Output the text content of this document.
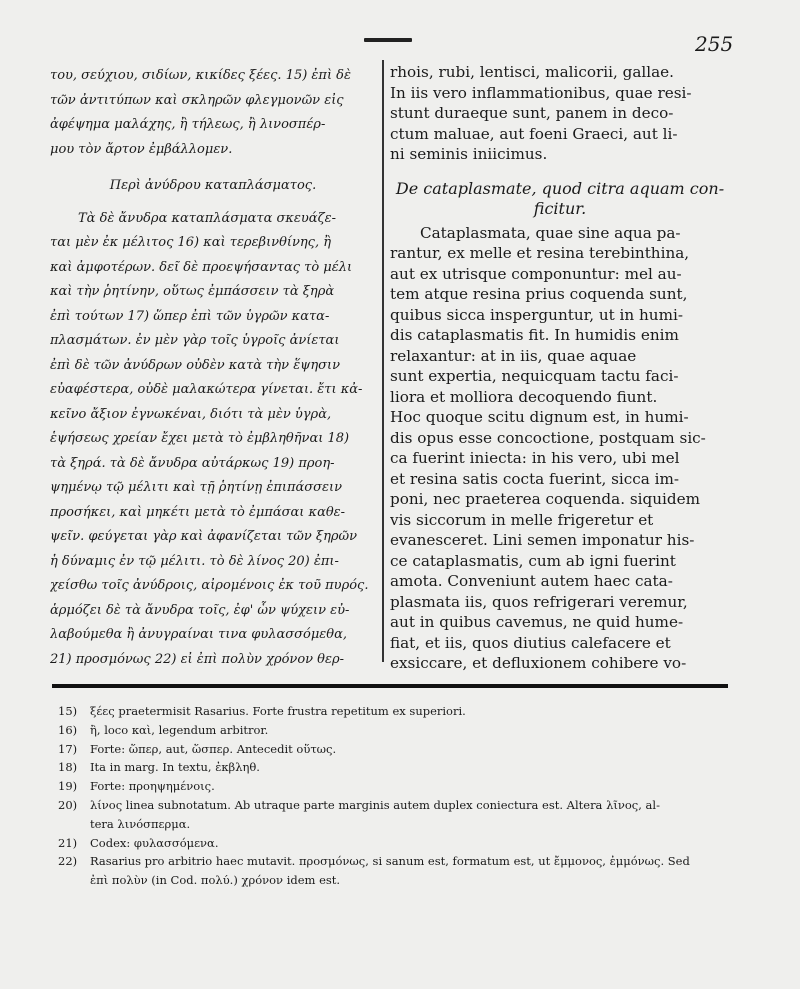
255
του, σεύχιου, σιδίων, κικίδες ξέες. 15) ἐπὶ δὲ
τῶν ἀντιτύπων καὶ σκληρῶν φλεγμονῶν εἰς
ἀφέψημα μαλάχης, ἢ τήλεως, ἢ λινοσπέρ-
μου τὸν ἄρτον ἐμβάλλομεν.
Περὶ ἀνύδρου καταπλάσματος.
Τὰ δὲ ἄνυδρα καταπλάσματα σκευάζε-
ται μὲν ἐκ μέλιτος 16) καὶ τερεβινθίνης, ἢ
καὶ ἀμφοτέρων. δεῖ δὲ προεψήσαντας τὸ μέλι
καὶ τὴν ῥητίνην, οὕτως ἐμπάσσειν τὰ ξηρὰ
ἐπὶ τούτων 17) ὥπερ ἐπὶ τῶν ὑγρῶν κατα-
πλασμάτων. ἐν μὲν γὰρ τοῖς ὑγροῖς ἀνίεται
ἐπὶ δὲ τῶν ἀνύδρων οὐδὲν κατὰ τὴν ἕψησιν
εὐαφέστερα, οὐδὲ μαλακώτερα γίνεται. ἔτι κἀ-
κεῖνο ἄξιον ἐγνωκέναι, διότι τὰ μὲν ὑγρὰ,
ἑψήσεως χρείαν ἔχει μετὰ τὸ ἐμβληθῆναι 18)
τὰ ξηρά. τὰ δὲ ἄνυδρα αὐτάρκως 19) προη-
ψημένῳ τῷ μέλιτι καὶ τῇ ῥητίνῃ ἐπιπάσσειν
προσήκει, καὶ μηκέτι μετὰ τὸ ἐμπάσαι καθε-
ψεῖν. φεύγεται γὰρ καὶ ἀφανίζεται τῶν ξηρῶν
ἡ δύναμις ἐν τῷ μέλιτι. τὸ δὲ λίνος 20) ἐπι-
χείσθω τοῖς ἀνύδροις, αἰρομένοις ἐκ τοῦ πυρός.
ἁρμόζει δὲ τὰ ἄνυδρα τοῖς, ἐφ' ὧν ψύχειν εὐ-
λαβούμεθα ἢ ἀνυγραίναι τινα φυλασσόμεθα,
21) προσμόνως 22) εἰ ἐπὶ πολὺν χρόνον θερ-
rhois, rubi, lentisci, malicorii, gallae.
In iis vero inflammationibus, quae resi-
stunt duraeque sunt, panem in deco-
ctum maluae, aut foeni Graeci, aut li-
ni seminis iniicimus.
De cataplasmate, quod citra aquam con-
ficitur.
Cataplasmata, quae sine aqua pa-
rantur, ex melle et resina terebinthina,
aut ex utrisque componuntur: mel au-
tem atque resina prius coquenda sunt,
quibus sicca insperguntur, ut in humi-
dis cataplasmatis fit. In humidis enim
relaxantur: at in iis, quae aquae
sunt expertia, nequicquam tactu faci-
liora et molliora decoquendo fiunt.
Hoc quoque scitu dignum est, in humi-
dis opus esse concoctione, postquam sic-
ca fuerint iniecta: in his vero, ubi mel
et resina satis cocta fuerint, sicca im-
poni, nec praeterea coquenda. siquidem
vis siccorum in melle frigeretur et
evanesceret. Lini semen imponatur his-
ce cataplasmatis, cum ab igni fuerint
amota. Conveniunt autem haec cata-
plasmata iis, quos refrigerari veremur,
aut in quibus cavemus, ne quid hume-
fiat, et iis, quos diutius calefacere et
exsiccare, et defluxionem cohibere vo-
15) ξέες praetermisit Rasarius. Forte frustra repetitum ex superiori.
16) ἢ, loco καὶ, legendum arbitror.
17) Forte: ὥπερ, aut, ὥσπερ. Antecedit οὕτως.
18) Ita in marg. In textu, ἐκβληθ.
19) Forte: προηψημένοις.
20) λίνος linea subnotatum. Ab utraque parte marginis autem duplex coniectura est. Altera λῖνος, al-
tera λινόσπερμα.
21) Codex: φυλασσόμενα.
22) Rasarius pro arbitrio haec mutavit. προσμόνως, si sanum est, formatum est, ut ἔμμονος, ἐμμόνως. Sed
ἐπὶ πολὺν (in Cod. πολύ.) χρόνον idem est.
